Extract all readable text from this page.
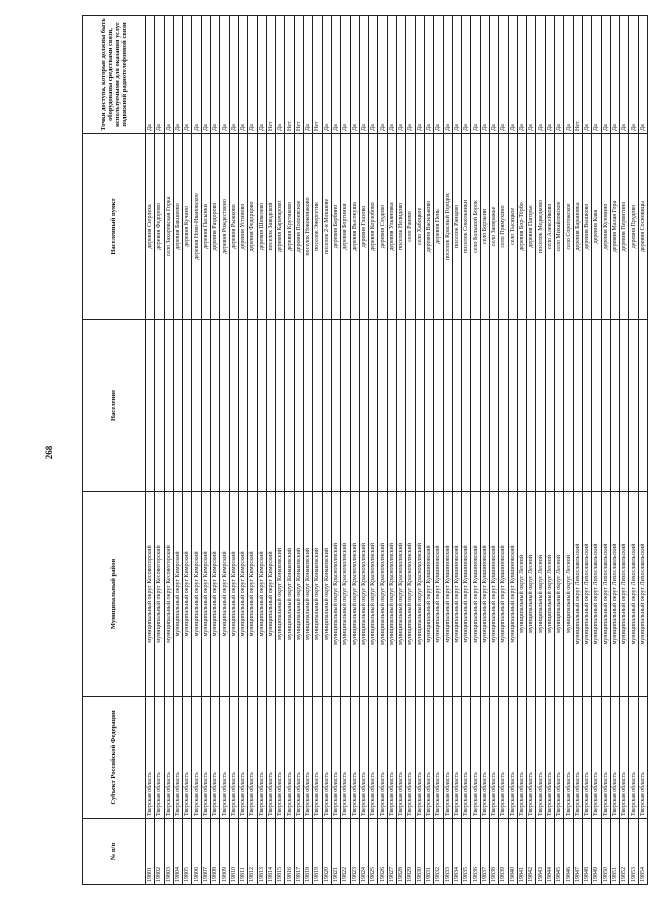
268
№ п/п	Субъект Российской Федерации	Муниципальный район	Население	Населенный пункт	Точки доступа, которые должны быть оборудованы средствами связи, используемыми для оказания услуг подвижной радиотелефонной связи
19801	Тверская область	муниципальный округ Кесовогорский		деревня Сюрлеха	Да
19802	Тверская область	муниципальный округ Кесовогорский		деревня Федорово	Да
19803	Тверская область	муниципальный округ Кесовогорский		село Захаровская Горка	Да
19804	Тверская область	муниципальный округ Кимрский		деревня Бакшеево	Да
19805	Тверская область	муниципальный округ Кимрский		деревня Кучино	Да
19806	Тверская область	муниципальный округ Кимрский		деревня Ново-Ивановское	Да
19807	Тверская область	муниципальный округ Кимрский		деревня Пасынки	Да
19808	Тверская область	муниципальный округ Кимрский		деревня Раздорово	Да
19809	Тверская область	муниципальный округ Кимрский		деревня Рождествено	Да
19810	Тверская область	муниципальный округ Кимрский		деревня Рыжково	Да
19811	Тверская область	муниципальный округ Кимрский		деревня Устиново	Да
19812	Тверская область	муниципальный округ Кимрский		деревня Федорцово	Да
19813	Тверская область	муниципальный округ Кимрский		деревня Шевелево	Да
19814	Тверская область	муниципальный округ Кимрский		поселок Заводской	Нет
19815	Тверская область	муниципальный округ Конаковский		деревня Карачарово	Да
19816	Тверская область	муниципальный округ Конаковский		деревня Крутиково	Нет
19817	Тверская область	муниципальный округ Конаковский		деревня Полоевское	Нет
19818	Тверская область	муниципальный округ Конаковский		поселок Новоконаково	Да
19819	Тверская область	муниципальный округ Конаковский		поселок Энергетик	Нет
19820	Тверская область	муниципальный округ Конаковский		поселок 2-я Мокшеве	Да
19821	Тверская область	муниципальный округ Краснохолмский		деревня Барбино	Да
19822	Тверская область	муниципальный округ Краснохолмский		деревня Бортники	Да
19823	Тверская область	муниципальный округ Краснохолмский		деревня Высокуша	Да
19824	Тверская область	муниципальный округ Краснохолмский		деревня Глазово	Да
19825	Тверская область	муниципальный округ Краснохолмский		деревня Корзобово	Да
19826	Тверская область	муниципальный округ Краснохолмский		деревня Слудово	Да
19827	Тверская область	муниципальный округ Краснохолмский		деревня Ульяновка	Да
19828	Тверская область	муниципальный округ Краснохолмский		поселок Нелидово	Да
19829	Тверская область	муниципальный округ Краснохолмский		село Ранево	Да
19830	Тверская область	муниципальный округ Краснохолмский		село Хабоцкое	Да
19831	Тверская область	муниципальный округ Кувшиновский		деревня Васильково	Да
19832	Тверская область	муниципальный округ Кувшиновский		деревня Пень	Да
19833	Тверская область	муниципальный округ Кувшиновский		поселок Красный Городок	Да
19834	Тверская область	муниципальный округ Кувшиновский		поселок Ранцево	Да
19835	Тверская область	муниципальный округ Кувшиновский		поселок Сокольники	Да
19836	Тверская область	муниципальный округ Кувшиновский		село Большой Борок	Да
19837	Тверская область	муниципальный округ Кувшиновский		село Борзыни	Да
19838	Тверская область	муниципальный округ Кувшиновский		село Заовражье	Да
19839	Тверская область	муниципальный округ Кувшиновский		село Прямухино	Да
19840	Тверская область	муниципальный округ Кувшиновский		село Тысяцкое	Да
19841	Тверская область	муниципальный округ Лесной		деревня Бор-Тёрбо	Да
19842	Тверская область	муниципальный округ Лесной		деревня Пагорье	Да
19843	Тверская область	муниципальный округ Лесной		поселок Медведково	Да
19844	Тверская область	муниципальный округ Лесной		село Алексейково	Да
19845	Тверская область	муниципальный округ Лесной		село Михайловское	Да
19846	Тверская область	муниципальный округ Лесной		село Сорогожское	Да
19847	Тверская область	муниципальный округ Лихославльский		деревня Барановка	Нет
19848	Тверская область	муниципальный округ Лихославльский		деревня Вышково	Да
19849	Тверская область	муниципальный округ Лихославльский		деревня Кава	Да
19850	Тверская область	муниципальный округ Лихославльский		деревня Кузовино	Да
19851	Тверская область	муниципальный округ Лихославльский		деревня Малая Гора	Да
19852	Тверская область	муниципальный округ Лихославльский		деревня Первитино	Да
19853	Тверская область	муниципальный округ Лихославльский		деревня Прудово	Да
19854	Тверская область	муниципальный округ Лихославльский		деревня Сосновицы	Да
